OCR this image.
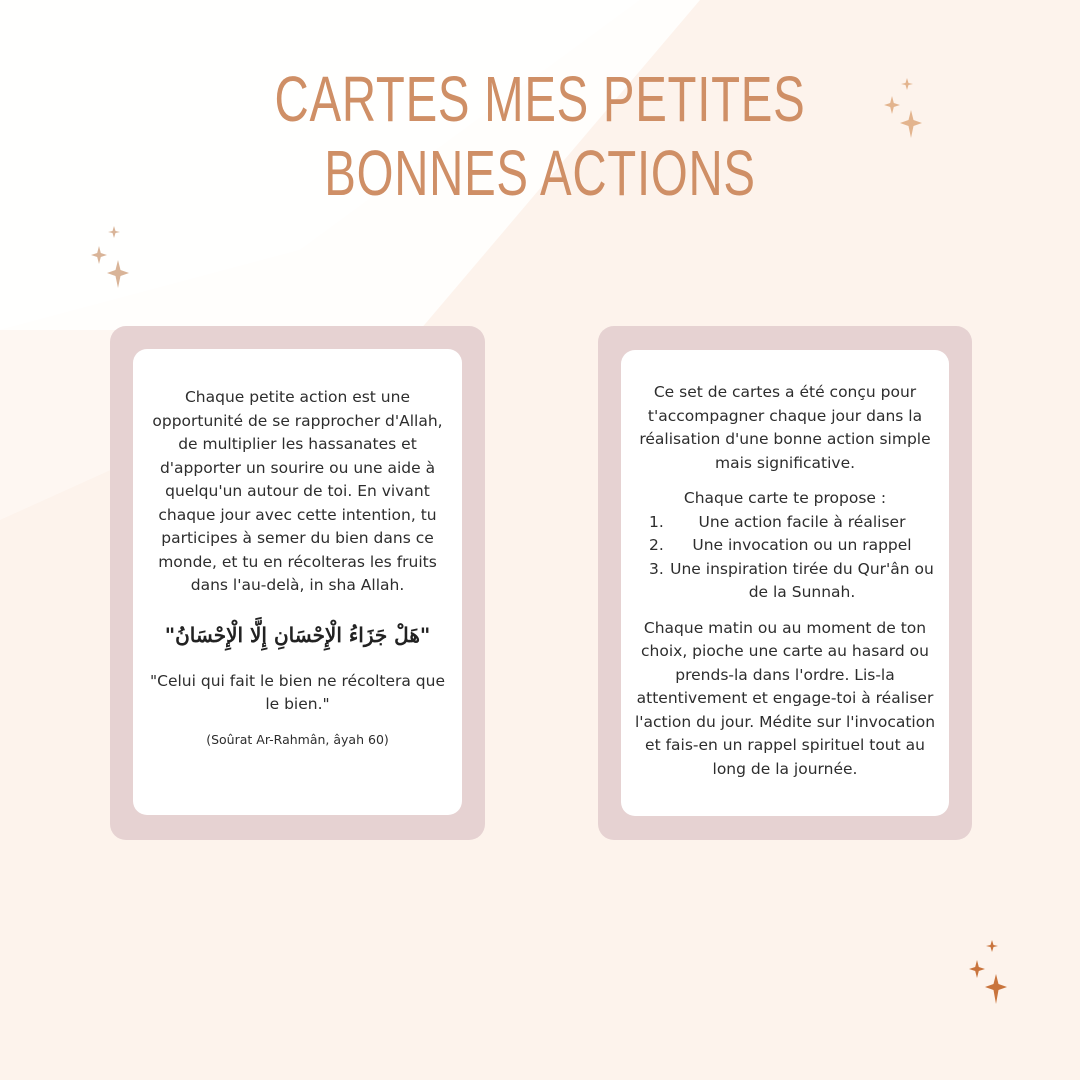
CARTES MES PETITES
BONNES ACTIONS

Chaque petite action est une opportunité de se rapprocher d'Allah, de multiplier les hassanates et d'apporter un sourire ou une aide à quelqu'un autour de toi. En vivant chaque jour avec cette intention, tu participes à semer du bien dans ce monde, et tu en récolteras les fruits dans l'au-delà, in sha Allah.

"هَلْ جَزَاءُ الْإِحْسَانِ إِلَّا الْإِحْسَانُ"

"Celui qui fait le bien ne récoltera que le bien."

(Soûrat Ar-Rahmân, âyah 60)

Ce set de cartes a été conçu pour t'accompagner chaque jour dans la réalisation d'une bonne action simple mais significative.

Chaque carte te propose :

1. Une action facile à réaliser
2. Une invocation ou un rappel
3. Une inspiration tirée du Qur'ân ou de la Sunnah.

Chaque matin ou au moment de ton choix, pioche une carte au hasard ou prends-la dans l'ordre. Lis-la attentivement et engage-toi à réaliser l'action du jour. Médite sur l'invocation et fais-en un rappel spirituel tout au long de la journée.
